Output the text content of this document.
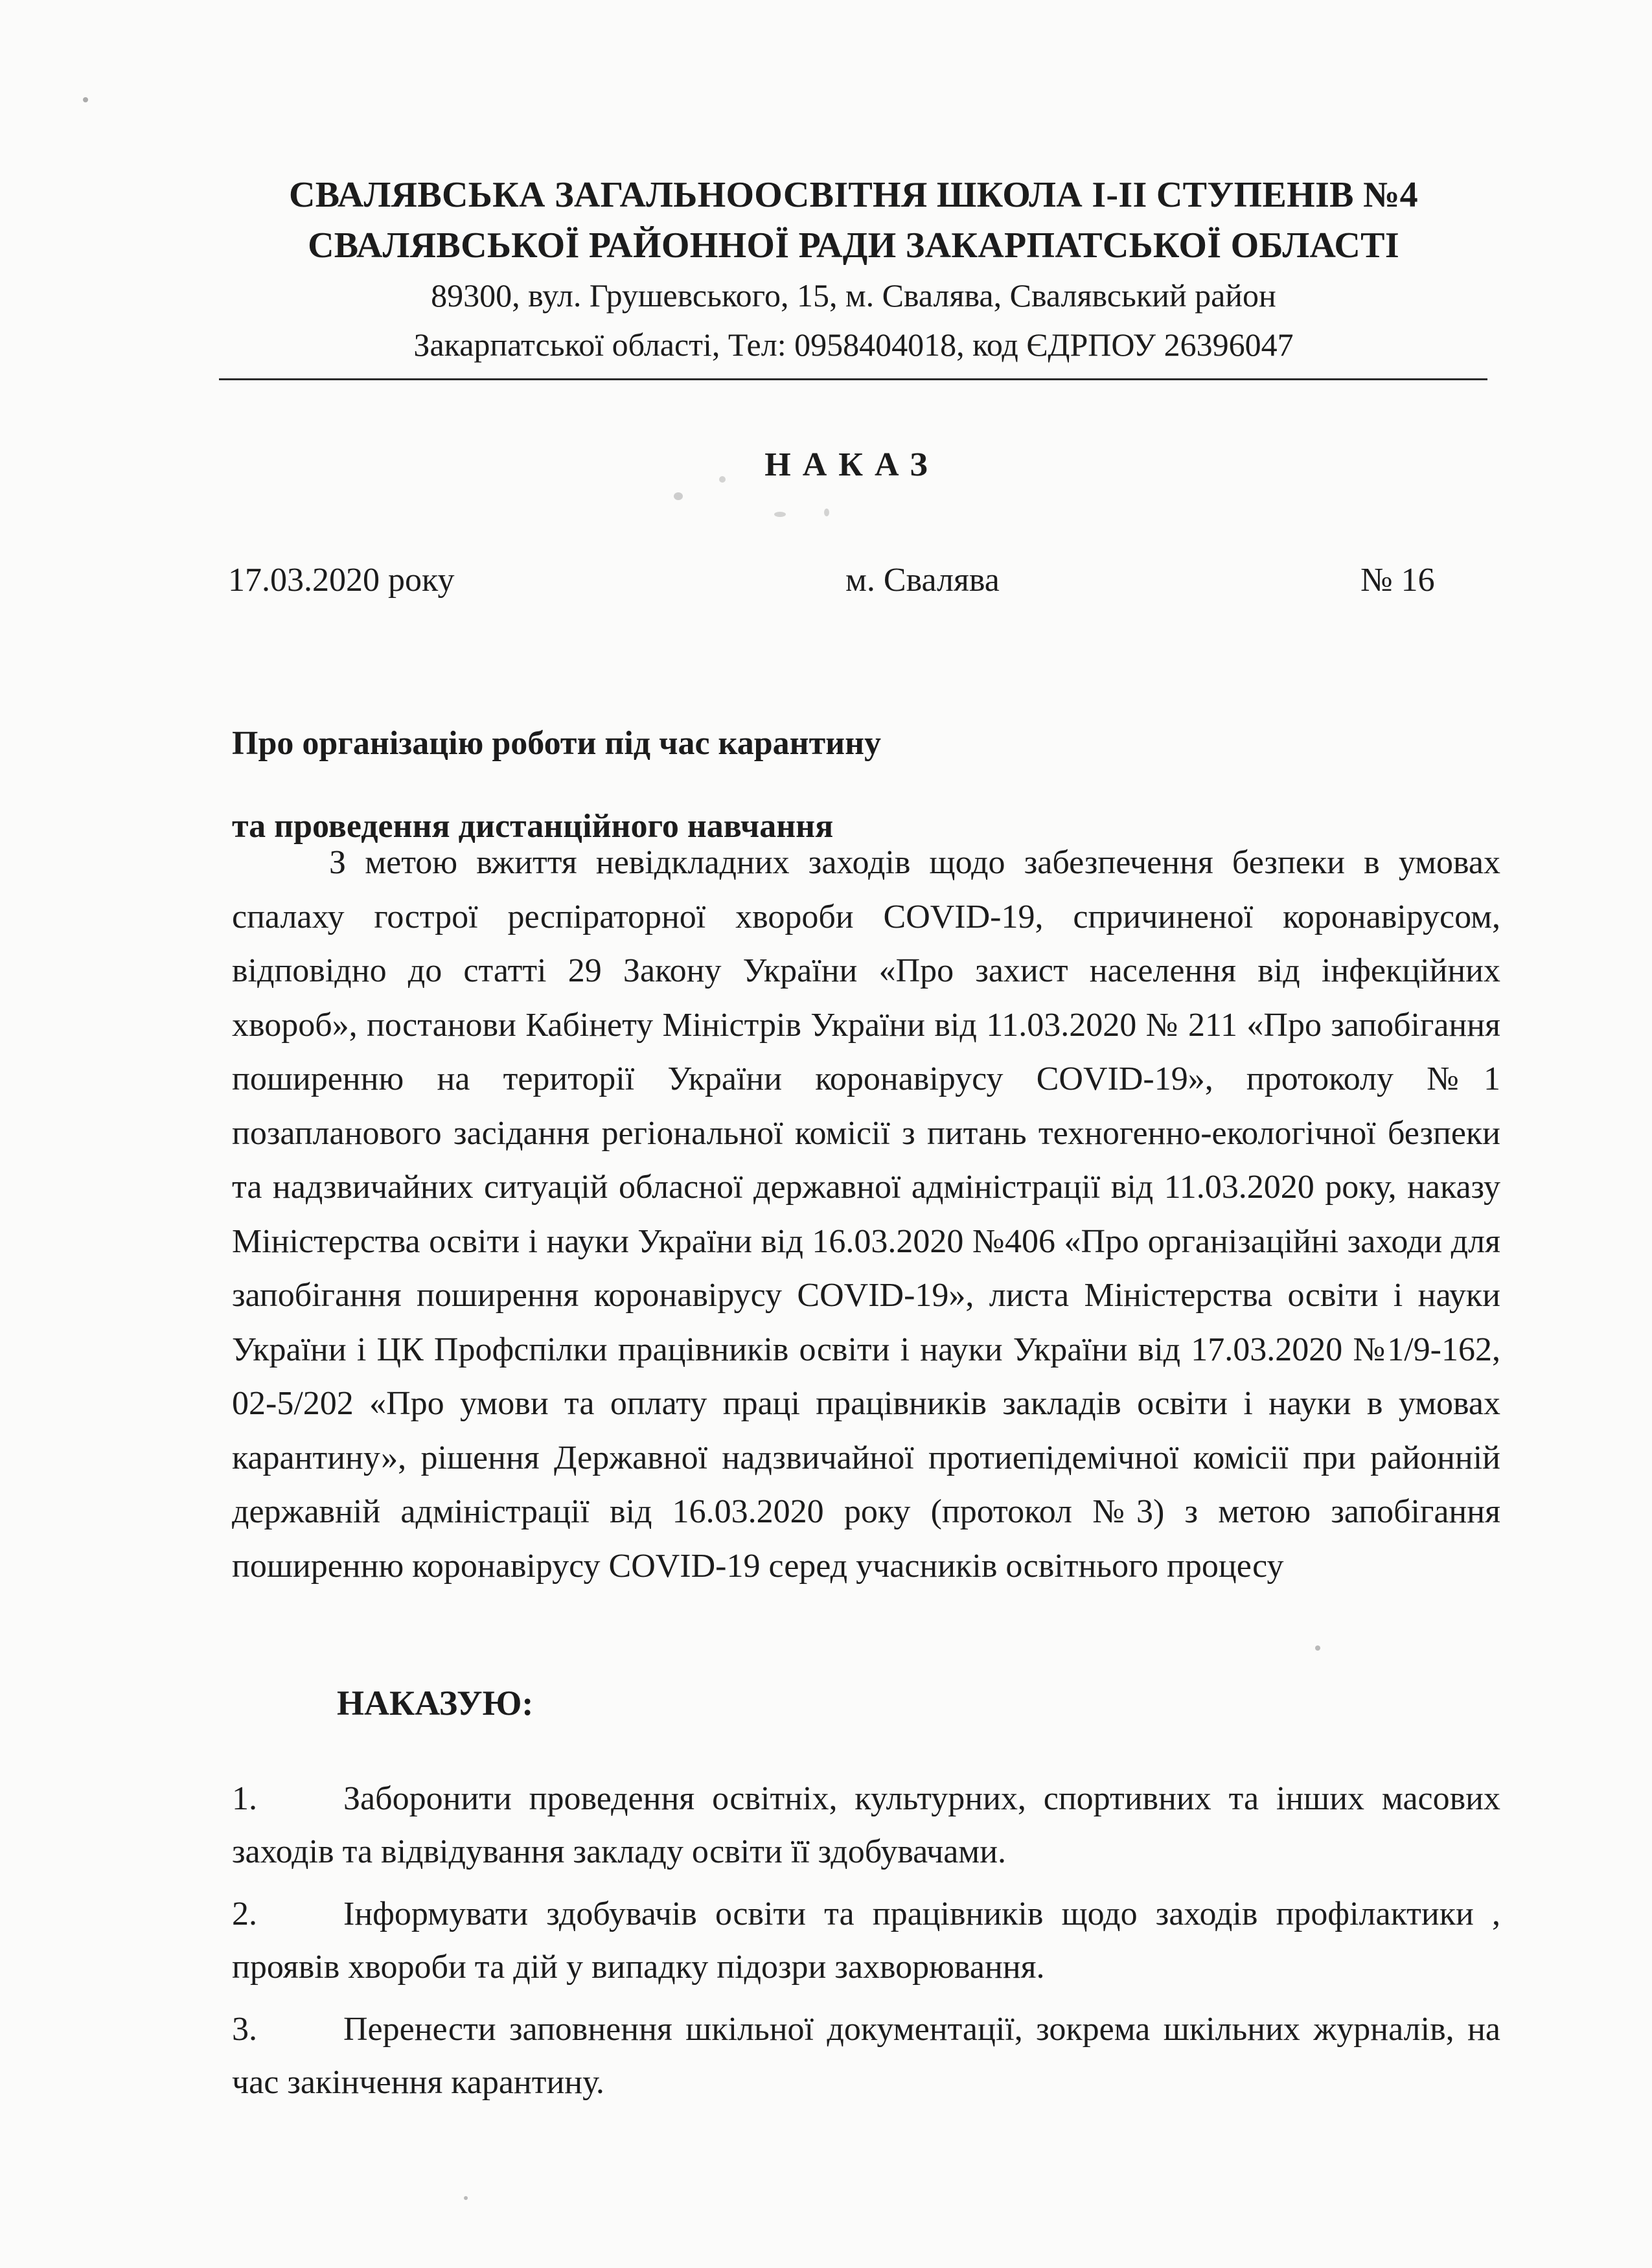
СВАЛЯВСЬКА ЗАГАЛЬНООСВІТНЯ ШКОЛА І-ІІ СТУПЕНІВ №4
СВАЛЯВСЬКОЇ РАЙОННОЇ РАДИ ЗАКАРПАТСЬКОЇ ОБЛАСТІ
89300, вул. Грушевського, 15, м. Свалява, Свалявський район
Закарпатської області, Тел: 0958404018, код ЄДРПОУ 26396047
НАКАЗ
17.03.2020 року	м. Свалява	№ 16
Про організацію роботи під час карантину
та проведення дистанційного навчання

З метою вжиття невідкладних заходів щодо забезпечення безпеки в умовах спалаху гострої респіраторної хвороби COVID-19, спричиненої коронавірусом, відповідно до статті 29 Закону України «Про захист населення від інфекційних хвороб», постанови Кабінету Міністрів України від 11.03.2020 № 211 «Про запобігання поширенню на території України коронавірусу COVID-19», протоколу №1 позапланового засідання регіональної комісії з питань техногенно-екологічної безпеки та надзвичайних ситуацій обласної державної адміністрації від 11.03.2020 року, наказу Міністерства освіти і науки України від 16.03.2020 №406 «Про організаційні заходи для запобігання поширення коронавірусу COVID-19», листа Міністерства освіти і науки України і ЦК Профспілки працівників освіти і науки України від 17.03.2020 №1/9-162, 02-5/202 «Про умови та оплату праці працівників закладів освіти і науки в умовах карантину», рішення Державної надзвичайної протиепідемічної комісії при районній державній адміністрації від 16.03.2020 року (протокол №3) з метою запобігання поширенню коронавірусу COVID-19 серед учасників освітнього процесу

НАКАЗУЮ:
1.	Заборонити проведення освітніх, культурних, спортивних та інших масових заходів та відвідування закладу освіти її здобувачами.
2.	Інформувати здобувачів освіти та працівників щодо заходів профілактики , проявів хвороби та дій у випадку підозри захворювання.
3.	Перенести заповнення шкільної документації, зокрема шкільних журналів, на час закінчення карантину.
